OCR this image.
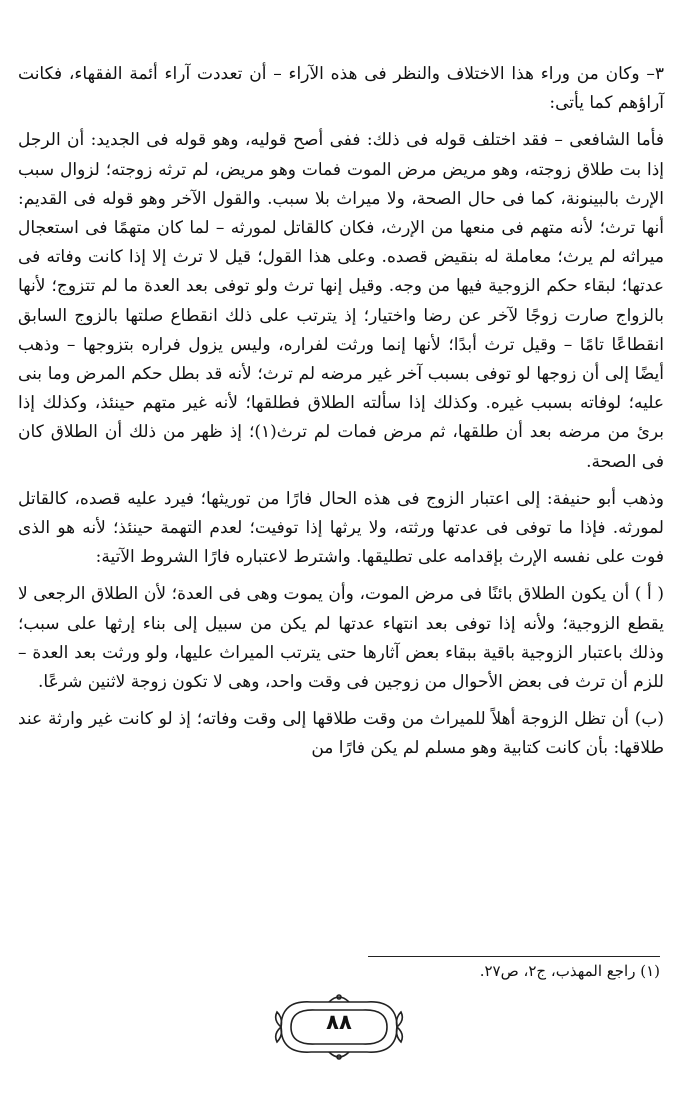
٣– وكان من وراء هذا الاختلاف والنظر فى هذه الآراء – أن تعددت آراء أئمة الفقهاء، فكانت آراؤهم كما يأتى:

فأما الشافعى – فقد اختلف قوله فى ذلك: ففى أصح قوليه، وهو قوله فى الجديد: أن الرجل إذا بت طلاق زوجته، وهو مريض مرض الموت فمات وهو مريض، لم ترثه زوجته؛ لزوال سبب الإرث بالبينونة، كما فى حال الصحة، ولا ميراث بلا سبب. والقول الآخر وهو قوله فى القديم: أنها ترث؛ لأنه متهم فى منعها من الإرث، فكان كالقاتل لمورثه – لما كان متهمًا فى استعجال ميراثه لم يرث؛ معاملة له بنقيض قصده. وعلى هذا القول؛ قيل لا ترث إلا إذا كانت وفاته فى عدتها؛ لبقاء حكم الزوجية فيها من وجه. وقيل إنها ترث ولو توفى بعد العدة ما لم تتزوج؛ لأنها بالزواج صارت زوجًا لآخر عن رضا واختيار؛ إذ يترتب على ذلك انقطاع صلتها بالزوج السابق انقطاعًا تامًا – وقيل ترث أبدًا؛ لأنها إنما ورثت لفراره، وليس يزول فراره بتزوجها – وذهب أيضًا إلى أن زوجها لو توفى بسبب آخر غير مرضه لم ترث؛ لأنه قد بطل حكم المرض وما بنى عليه؛ لوفاته بسبب غيره. وكذلك إذا سألته الطلاق فطلقها؛ لأنه غير متهم حينئذ، وكذلك إذا برئ من مرضه بعد أن طلقها، ثم مرض فمات لم ترث(١)؛ إذ ظهر من ذلك أن الطلاق كان فى الصحة.

وذهب أبو حنيفة: إلى اعتبار الزوج فى هذه الحال فارًا من توريثها؛ فيرد عليه قصده، كالقاتل لمورثه. فإذا ما توفى فى عدتها ورثته، ولا يرثها إذا توفيت؛ لعدم التهمة حينئذ؛ لأنه هو الذى فوت على نفسه الإرث بإقدامه على تطليقها. واشترط لاعتباره فارًا الشروط الآتية:

( أ ) أن يكون الطلاق بائنًا فى مرض الموت، وأن يموت وهى فى العدة؛ لأن الطلاق الرجعى لا يقطع الزوجية؛ ولأنه إذا توفى بعد انتهاء عدتها لم يكن من سبيل إلى بناء إرثها على سبب؛ وذلك باعتبار الزوجية باقية ببقاء بعض آثارها حتى يترتب الميراث عليها، ولو ورثت بعد العدة – للزم أن ترث فى بعض الأحوال من زوجين فى وقت واحد، وهى لا تكون زوجة لاثنين شرعًا.

(ب) أن تظل الزوجة أهلاً للميراث من وقت طلاقها إلى وقت وفاته؛ إذ لو كانت غير وارثة عند طلاقها: بأن كانت كتابية وهو مسلم لم يكن فارًا من

(١) راجع المهذب، ج٢، ص٢٧.
٨٨
